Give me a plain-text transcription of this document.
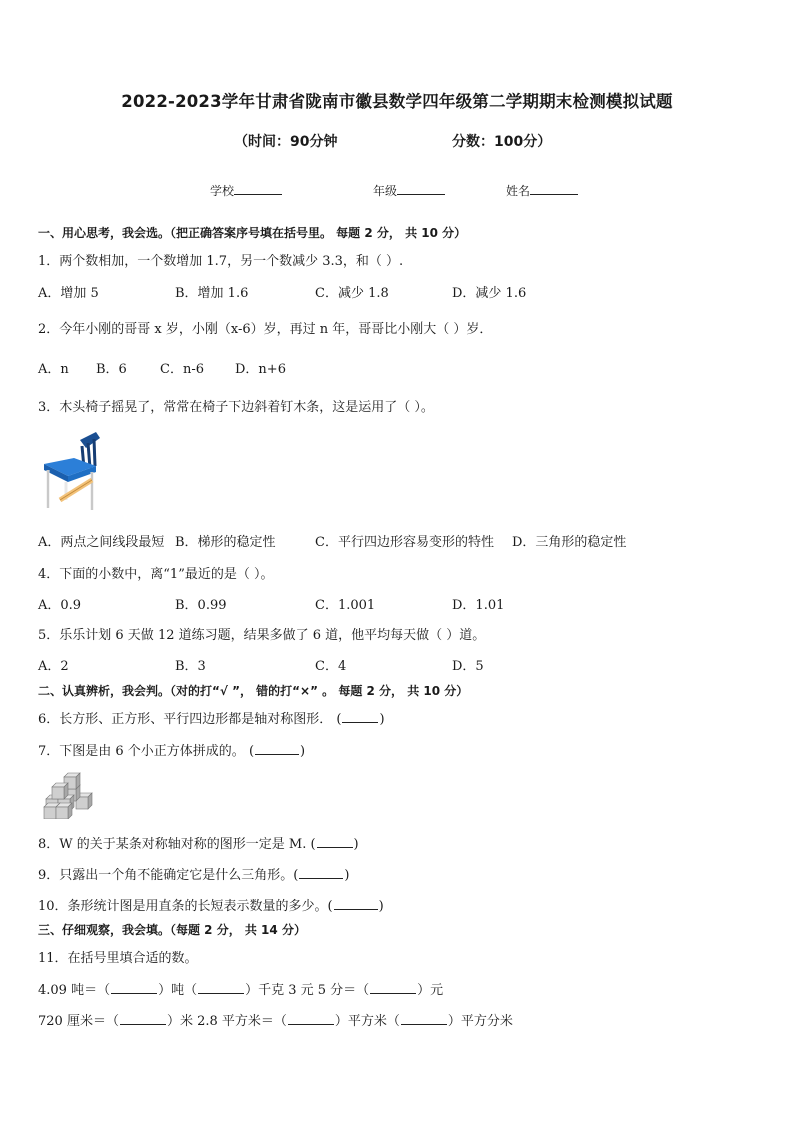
2022-2023学年甘肃省陇南市徽县数学四年级第二学期期末检测模拟试题
（时间：90分钟	分数：100分）
学校	年级	姓名
一、用心思考，我会选。（把正确答案序号填在括号里。 每题 2 分， 共 10 分）
1．两个数相加，一个数增加 1.7，另一个数减少 3.3，和（ ）.
A．增加 5	B．增加 1.6	C．减少 1.8	D．减少 1.6
2．今年小刚的哥哥 x 岁，小刚（x-6）岁，再过 n 年，哥哥比小刚大（ ）岁．
A．n B．6	C．n-6 D．n+6
3．木头椅子摇晃了，常常在椅子下边斜着钉木条，这是运用了（ ）。
A．两点之间线段最短 B．梯形的稳定性	C．平行四边形容易变形的特性 D．三角形的稳定性
4．下面的小数中，离“1”最近的是（ ）。
A．0.9	B．0.99	C．1.001	D．1.01
5．乐乐计划 6 天做 12 道练习题，结果多做了 6 道，他平均每天做（ ）道。
A．2	B．3	C．4	D．5
二、认真辨析，我会判。（对的打“√ ”， 错的打“×” 。 每题 2 分， 共 10 分）
6．长方形、正方形、平行四边形都是轴对称图形． (	)
7．下图是由 6 个小正方体拼成的。 (	)
8．W 的关于某条对称轴对称的图形一定是 M. (	)
9．只露出一个角不能确定它是什么三角形。(	)
10．条形统计图是用直条的长短表示数量的多少。(	)
三、仔细观察，我会填。（每题 2 分， 共 14 分）
11．在括号里填合适的数。
4.09 吨＝（	）吨（	）千克 3 元 5 分＝（	）元
720 厘米＝（	）米 2.8 平方米＝（	）平方米（	）平方分米
